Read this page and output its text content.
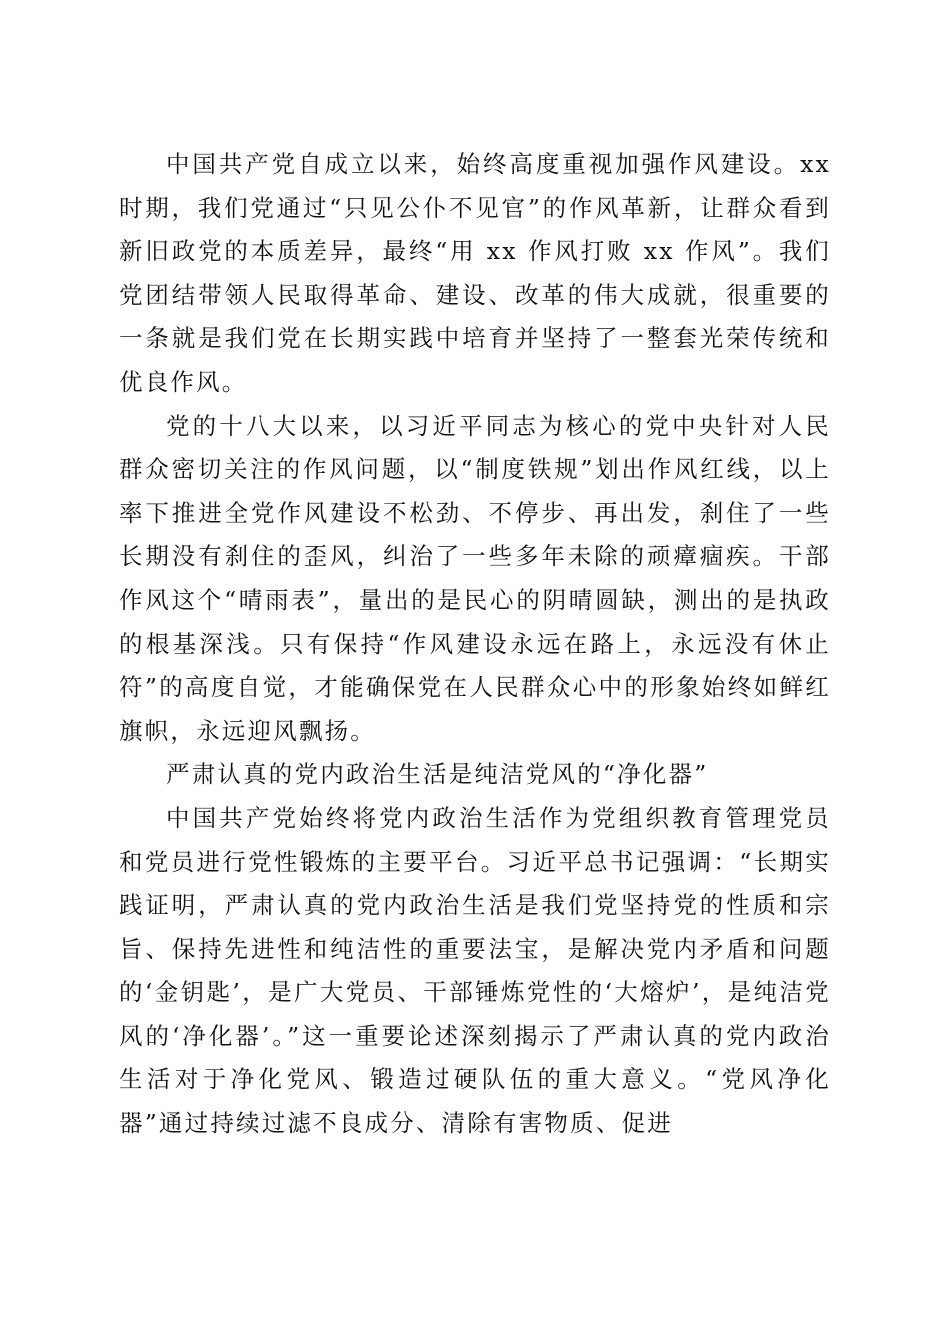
中国共产党自成立以来，始终高度重视加强作风建设。xx时期，我们党通过“只见公仆不见官”的作风革新，让群众看到新旧政党的本质差异，最终“用 xx 作风打败 xx 作风”。我们党团结带领人民取得革命、建设、改革的伟大成就，很重要的一条就是我们党在长期实践中培育并坚持了一整套光荣传统和优良作风。

党的十八大以来，以习近平同志为核心的党中央针对人民群众密切关注的作风问题，以“制度铁规”划出作风红线，以上率下推进全党作风建设不松劲、不停步、再出发，刹住了一些长期没有刹住的歪风，纠治了一些多年未除的顽瘴痼疾。干部作风这个“晴雨表”，量出的是民心的阴晴圆缺，测出的是执政的根基深浅。只有保持“作风建设永远在路上，永远没有休止符”的高度自觉，才能确保党在人民群众心中的形象始终如鲜红旗帜，永远迎风飘扬。

严肃认真的党内政治生活是纯洁党风的“净化器”

中国共产党始终将党内政治生活作为党组织教育管理党员和党员进行党性锻炼的主要平台。习近平总书记强调：“长期实践证明，严肃认真的党内政治生活是我们党坚持党的性质和宗旨、保持先进性和纯洁性的重要法宝，是解决党内矛盾和问题的‘金钥匙’，是广大党员、干部锤炼党性的‘大熔炉’，是纯洁党风的‘净化器’。”这一重要论述深刻揭示了严肃认真的党内政治生活对于净化党风、锻造过硬队伍的重大意义。“党风净化器”通过持续过滤不良成分、清除有害物质、促进
